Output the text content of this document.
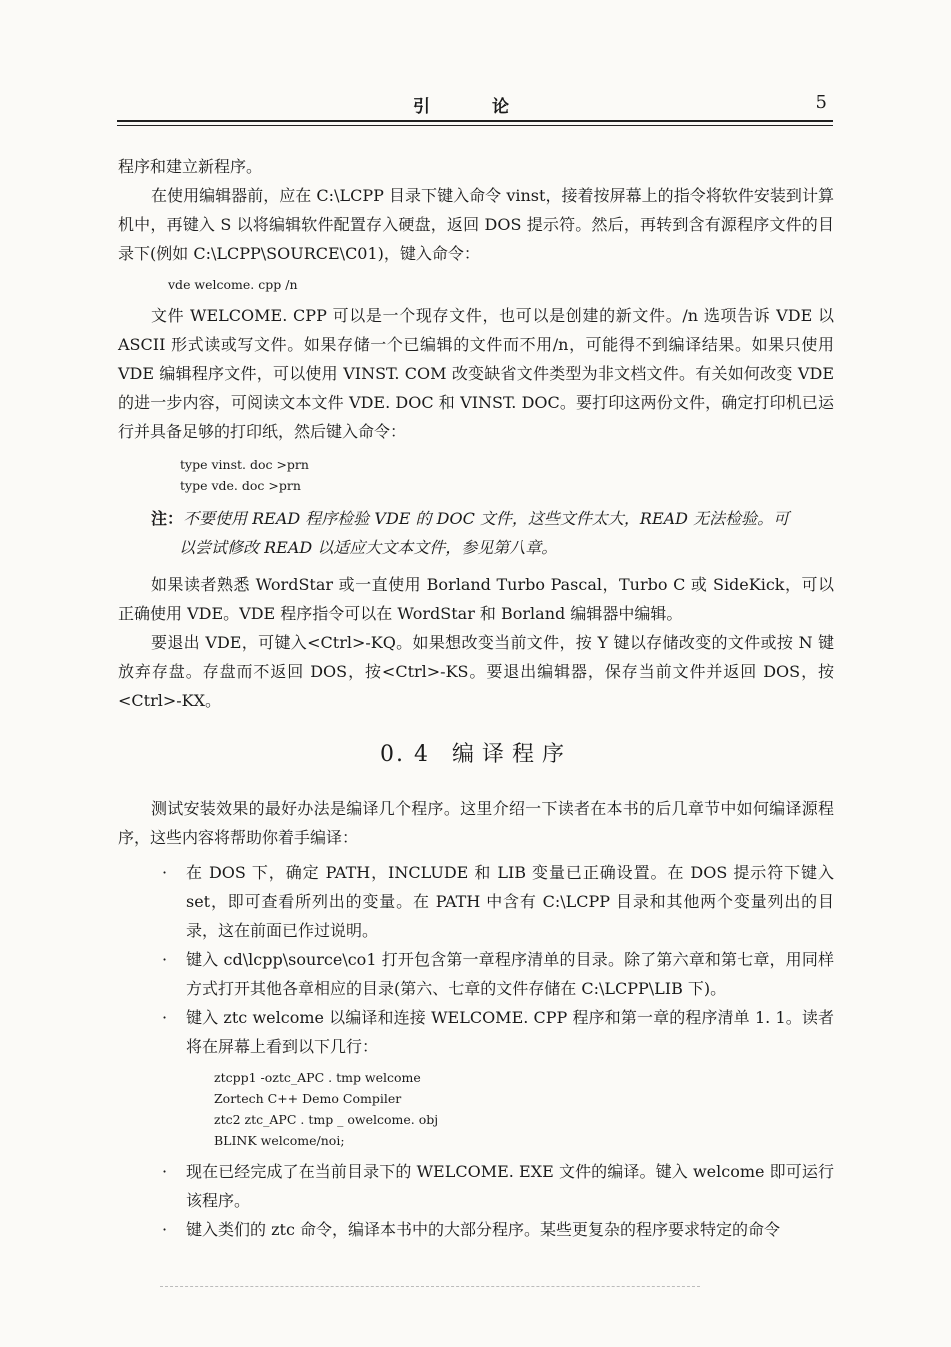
引 论	5

程序和建立新程序。

在使用编辑器前，应在 C:\LCPP 目录下键入命令 vinst，接着按屏幕上的指令将软件安装到计算机中，再键入 S 以将编辑软件配置存入硬盘，返回 DOS 提示符。然后，再转到含有源程序文件的目录下(例如 C:\LCPP\SOURCE\C01)，键入命令：

vde welcome. cpp /n

文件 WELCOME. CPP 可以是一个现存文件，也可以是创建的新文件。/n 选项告诉 VDE 以 ASCII 形式读或写文件。如果存储一个已编辑的文件而不用/n，可能得不到编译结果。如果只使用 VDE 编辑程序文件，可以使用 VINST. COM 改变缺省文件类型为非文档文件。有关如何改变 VDE 的进一步内容，可阅读文本文件 VDE. DOC 和 VINST. DOC。要打印这两份文件，确定打印机已运行并具备足够的打印纸，然后键入命令：

type vinst. doc >prn
type vde. doc >prn
注：不要使用 READ 程序检验 VDE 的 DOC 文件，这些文件太大，READ 无法检验。可
以尝试修改 READ 以适应大文本文件，参见第八章。

如果读者熟悉 WordStar 或一直使用 Borland Turbo Pascal，Turbo C 或 SideKick，可以正确使用 VDE。VDE 程序指令可以在 WordStar 和 Borland 编辑器中编辑。

要退出 VDE，可键入<Ctrl>-KQ。如果想改变当前文件，按 Y 键以存储改变的文件或按 N 键放弃存盘。存盘而不返回 DOS，按<Ctrl>-KS。要退出编辑器，保存当前文件并返回 DOS，按<Ctrl>-KX。

0. 4 编译程序

测试安装效果的最好办法是编译几个程序。这里介绍一下读者在本书的后几章节中如何编译源程序，这些内容将帮助你着手编译：

· 在 DOS 下，确定 PATH，INCLUDE 和 LIB 变量已正确设置。在 DOS 提示符下键入 set，即可查看所列出的变量。在 PATH 中含有 C:\LCPP 目录和其他两个变量列出的目录，这在前面已作过说明。

· 键入 cd\lcpp\source\co1 打开包含第一章程序清单的目录。除了第六章和第七章，用同样方式打开其他各章相应的目录(第六、七章的文件存储在 C:\LCPP\LIB 下)。

· 键入 ztc welcome 以编译和连接 WELCOME. CPP 程序和第一章的程序清单 1. 1。读者将在屏幕上看到以下几行：

ztcpp1 -oztc_APC . tmp welcome
Zortech C++ Demo Compiler
ztc2 ztc_APC . tmp _ owelcome. obj
BLINK welcome/noi;
· 现在已经完成了在当前目录下的 WELCOME. EXE 文件的编译。键入 welcome 即可运行该程序。

· 键入类们的 ztc 命令，编译本书中的大部分程序。某些更复杂的程序要求特定的命令
